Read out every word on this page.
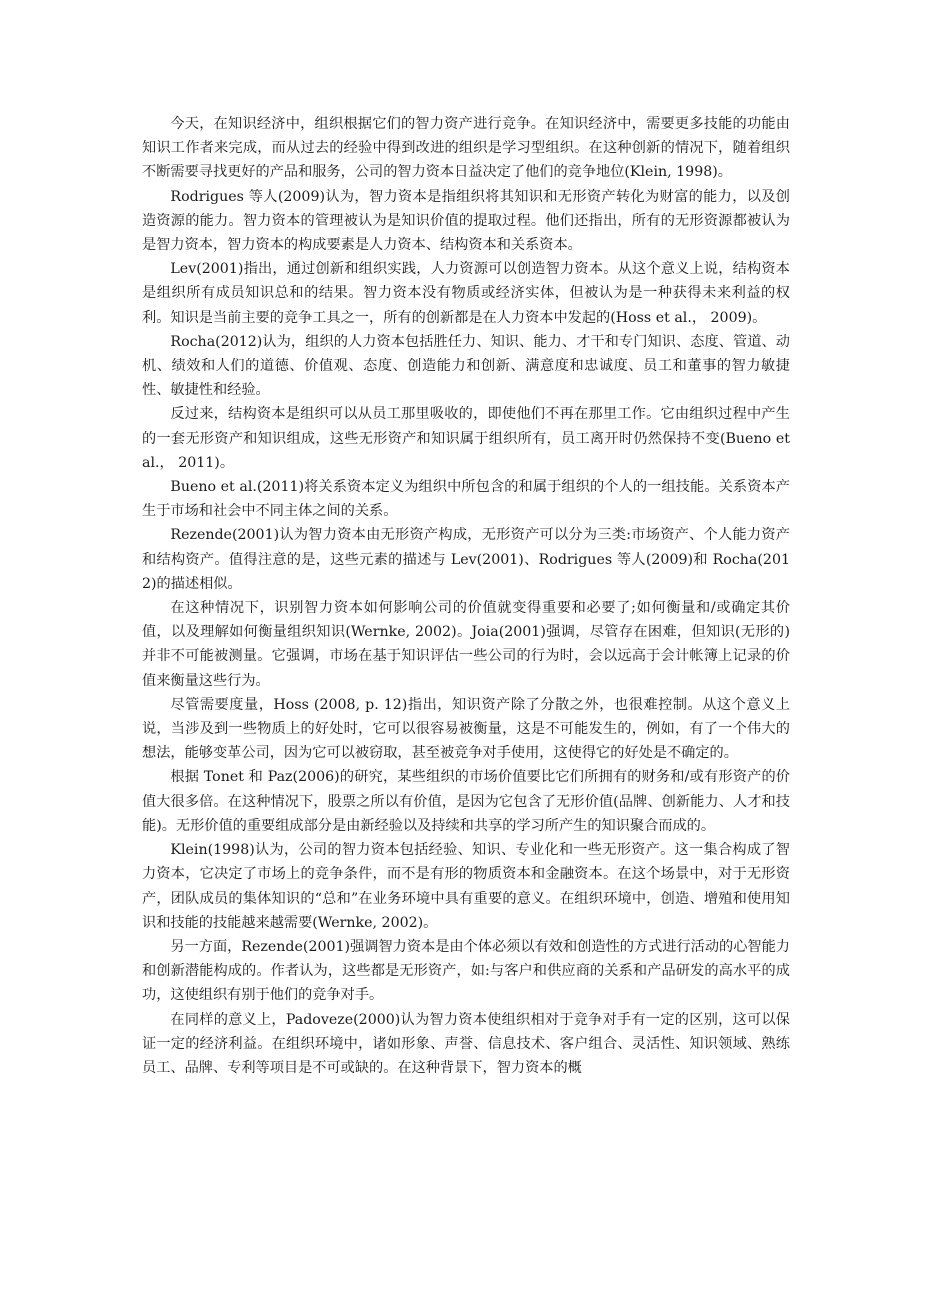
今天，在知识经济中，组织根据它们的智力资产进行竞争。在知识经济中，需要更多技能的功能由知识工作者来完成，而从过去的经验中得到改进的组织是学习型组织。在这种创新的情况下，随着组织不断需要寻找更好的产品和服务，公司的智力资本日益决定了他们的竞争地位(Klein, 1998)。

Rodrigues 等人(2009)认为，智力资本是指组织将其知识和无形资产转化为财富的能力，以及创造资源的能力。智力资本的管理被认为是知识价值的提取过程。他们还指出，所有的无形资源都被认为是智力资本，智力资本的构成要素是人力资本、结构资本和关系资本。

Lev(2001)指出，通过创新和组织实践，人力资源可以创造智力资本。从这个意义上说，结构资本是组织所有成员知识总和的结果。智力资本没有物质或经济实体，但被认为是一种获得未来利益的权利。知识是当前主要的竞争工具之一，所有的创新都是在人力资本中发起的(Hoss et al.， 2009)。

Rocha(2012)认为，组织的人力资本包括胜任力、知识、能力、才干和专门知识、态度、管道、动机、绩效和人们的道德、价值观、态度、创造能力和创新、满意度和忠诚度、员工和董事的智力敏捷性、敏捷性和经验。

反过来，结构资本是组织可以从员工那里吸收的，即使他们不再在那里工作。它由组织过程中产生的一套无形资产和知识组成，这些无形资产和知识属于组织所有，员工离开时仍然保持不变(Bueno et al.， 2011)。

Bueno et al.(2011)将关系资本定义为组织中所包含的和属于组织的个人的一组技能。关系资本产生于市场和社会中不同主体之间的关系。

Rezende(2001)认为智力资本由无形资产构成，无形资产可以分为三类:市场资产、个人能力资产和结构资产。值得注意的是，这些元素的描述与 Lev(2001)、Rodrigues 等人(2009)和 Rocha(2012)的描述相似。

在这种情况下，识别智力资本如何影响公司的价值就变得重要和必要了;如何衡量和/或确定其价值，以及理解如何衡量组织知识(Wernke, 2002)。Joia(2001)强调，尽管存在困难，但知识(无形的)并非不可能被测量。它强调，市场在基于知识评估一些公司的行为时，会以远高于会计帐簿上记录的价值来衡量这些行为。

尽管需要度量，Hoss (2008, p. 12)指出，知识资产除了分散之外，也很难控制。从这个意义上说，当涉及到一些物质上的好处时，它可以很容易被衡量，这是不可能发生的，例如，有了一个伟大的想法，能够变革公司，因为它可以被窃取，甚至被竞争对手使用，这使得它的好处是不确定的。

根据 Tonet 和 Paz(2006)的研究，某些组织的市场价值要比它们所拥有的财务和/或有形资产的价值大很多倍。在这种情况下，股票之所以有价值，是因为它包含了无形价值(品牌、创新能力、人才和技能)。无形价值的重要组成部分是由新经验以及持续和共享的学习所产生的知识聚合而成的。

Klein(1998)认为，公司的智力资本包括经验、知识、专业化和一些无形资产。这一集合构成了智力资本，它决定了市场上的竞争条件，而不是有形的物质资本和金融资本。在这个场景中，对于无形资产，团队成员的集体知识的“总和”在业务环境中具有重要的意义。在组织环境中，创造、增殖和使用知识和技能的技能越来越需要(Wernke, 2002)。

另一方面，Rezende(2001)强调智力资本是由个体必须以有效和创造性的方式进行活动的心智能力和创新潜能构成的。作者认为，这些都是无形资产，如:与客户和供应商的关系和产品研发的高水平的成功，这使组织有别于他们的竞争对手。

在同样的意义上，Padoveze(2000)认为智力资本使组织相对于竞争对手有一定的区别，这可以保证一定的经济利益。在组织环境中，诸如形象、声誉、信息技术、客户组合、灵活性、知识领域、熟练员工、品牌、专利等项目是不可或缺的。在这种背景下，智力资本的概
